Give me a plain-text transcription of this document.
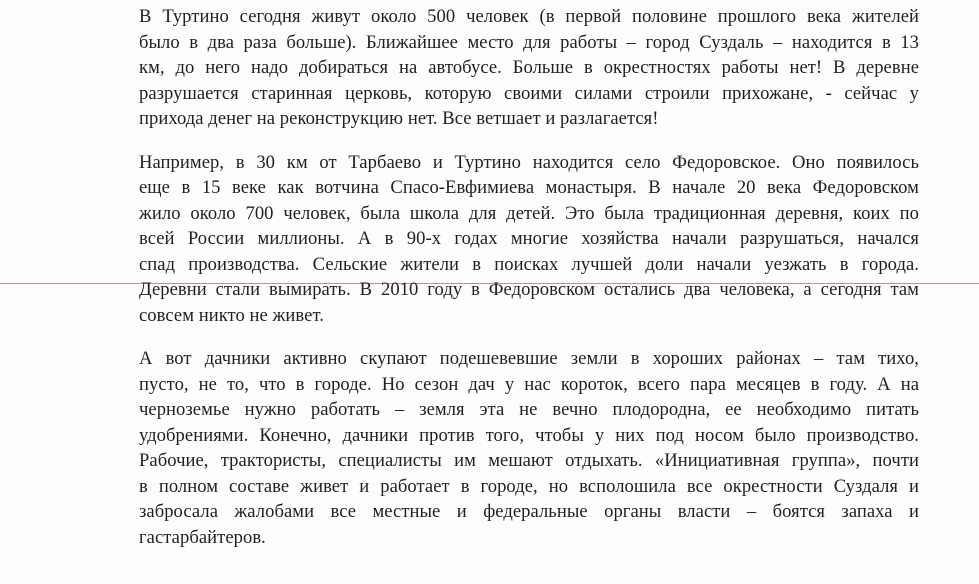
В Туртино сегодня живут около 500 человек (в первой половине прошлого века жителей
было в два раза больше). Ближайшее место для работы – город Суздаль – находится в 13
км, до него надо добираться на автобусе. Больше в окрестностях работы нет! В деревне
разрушается старинная церковь, которую своими силами строили прихожане, - сейчас у
прихода денег на реконструкцию нет. Все ветшает и разлагается!

Например, в 30 км от Тарбаево и Туртино находится село Федоровское. Оно появилось
еще в 15 веке как вотчина Спасо-Евфимиева монастыря. В начале 20 века Федоровском
жило около 700 человек, была школа для детей. Это была традиционная деревня, коих по
всей России миллионы. А в 90-х годах многие хозяйства начали разрушаться, начался
спад производства. Сельские жители в поисках лучшей доли начали уезжать в города.
Деревни стали вымирать. В 2010 году в Федоровском остались два человека, а сегодня там
совсем никто не живет.

А вот дачники активно скупают подешевевшие земли в хороших районах – там тихо,
пусто, не то, что в городе. Но сезон дач у нас короток, всего пара месяцев в году. А на
черноземье нужно работать – земля эта не вечно плодородна, ее необходимо питать
удобрениями. Конечно, дачники против того, чтобы у них под носом было производство.
Рабочие, трактористы, специалисты им мешают отдыхать. «Инициативная группа», почти
в полном составе живет и работает в городе, но всполошила все окрестности Суздаля и
забросала жалобами все местные и федеральные органы власти – боятся запаха и
гастарбайтеров.
